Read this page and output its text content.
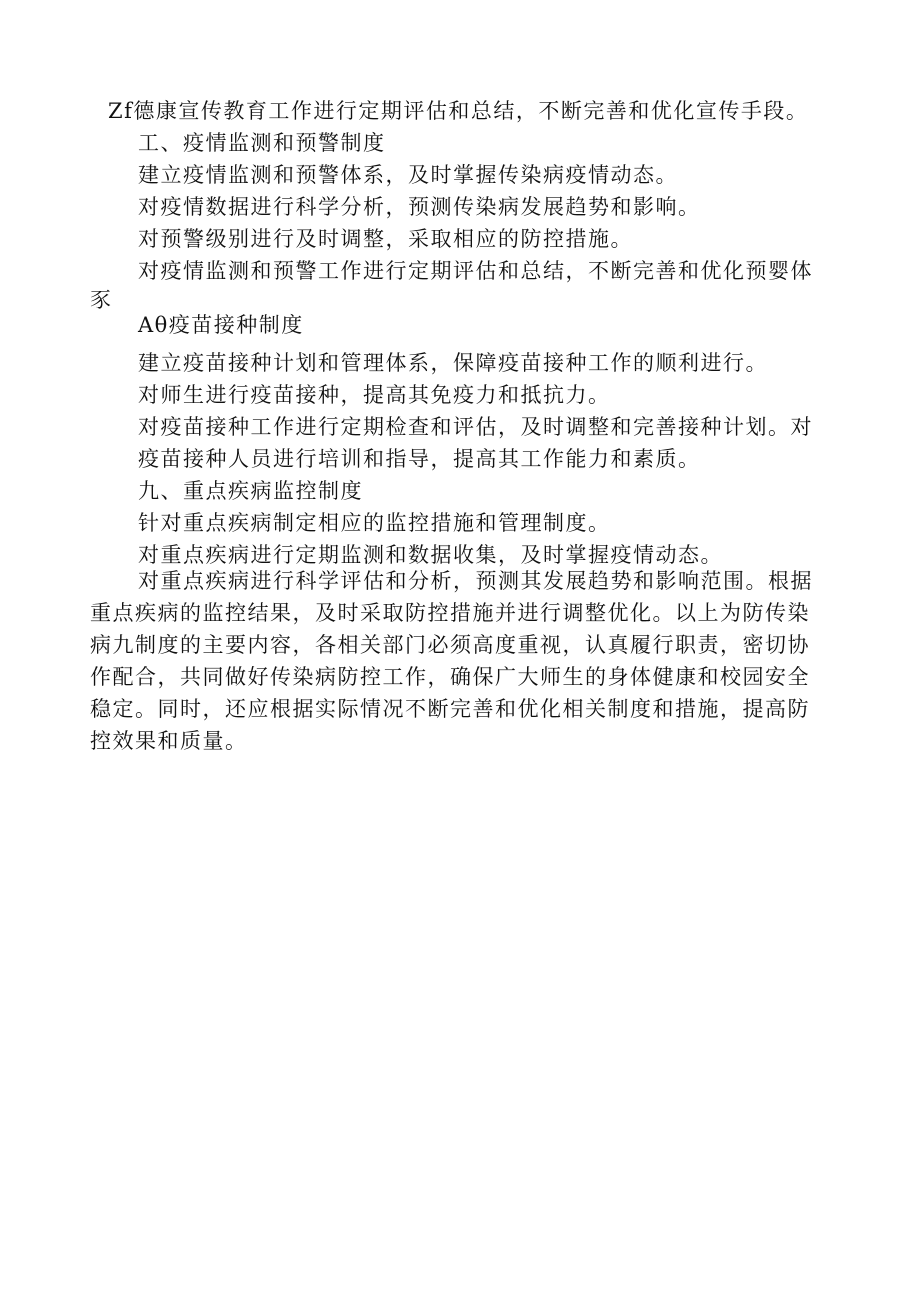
Zf德康宣传教育工作进行定期评估和总结，不断完善和优化宣传手段。
工、疫情监测和预警制度
建立疫情监测和预警体系，及时掌握传染病疫情动态。
对疫情数据进行科学分析，预测传染病发展趋势和影响。
对预警级别进行及时调整，采取相应的防控措施。
对疫情监测和预警工作进行定期评估和总结，不断完善和优化预婴体
豕
Aθ疫苗接种制度
建立疫苗接种计划和管理体系，保障疫苗接种工作的顺利进行。
对师生进行疫苗接种，提高其免疫力和抵抗力。
对疫苗接种工作进行定期检查和评估，及时调整和完善接种计划。对
疫苗接种人员进行培训和指导，提高其工作能力和素质。
九、重点疾病监控制度
针对重点疾病制定相应的监控措施和管理制度。
对重点疾病进行定期监测和数据收集，及时掌握疫情动态。
对重点疾病进行科学评估和分析，预测其发展趋势和影响范围。根据
重点疾病的监控结果，及时采取防控措施并进行调整优化。以上为防传染
病九制度的主要内容，各相关部门必须高度重视，认真履行职责，密切协
作配合，共同做好传染病防控工作，确保广大师生的身体健康和校园安全
稳定。同时，还应根据实际情况不断完善和优化相关制度和措施，提高防
控效果和质量。
